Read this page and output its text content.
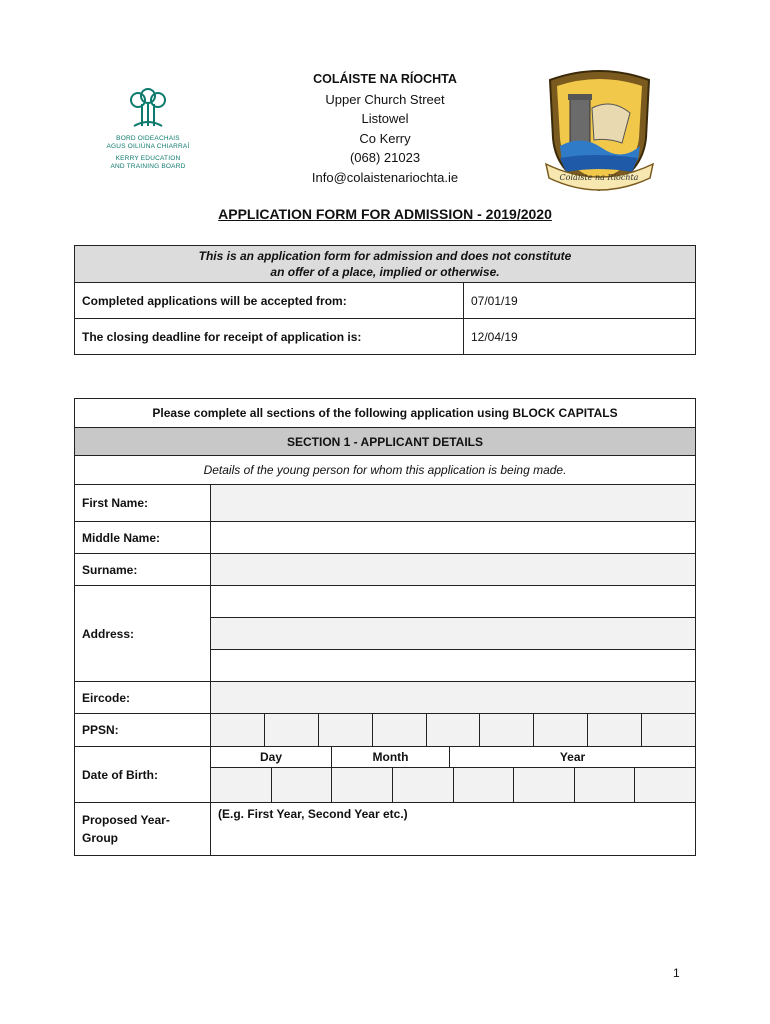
BORD OIDEACHAIS
AGUS OILIÚNA CHIARRAÍ
KERRY EDUCATION
AND TRAINING BOARD
COLÁISTE NA RÍOCHTA
Upper Church Street
Listowel
Co Kerry
(068) 21023
Info@colaistenariochta.ie	Coláiste na Ríochta
APPLICATION FORM FOR ADMISSION - 2019/2020
This is an application form for admission and does not constitute
an offer of a place, implied or otherwise.	

Completed applications will be accepted from:	07/01/19
The closing deadline for receipt of application is:	12/04/19
Please complete all sections of the following application using BLOCK CAPITALS	
SECTION 1 - APPLICANT DETAILS	
Details of the young person for whom this application is being made.	
First Name:	
Middle Name:	
Surname:	
Address:	

Eircode:	
PPSN:	

Date of Birth:	Day Month Year

Proposed Year-Group	(E.g. First Year, Second Year etc.)
1
